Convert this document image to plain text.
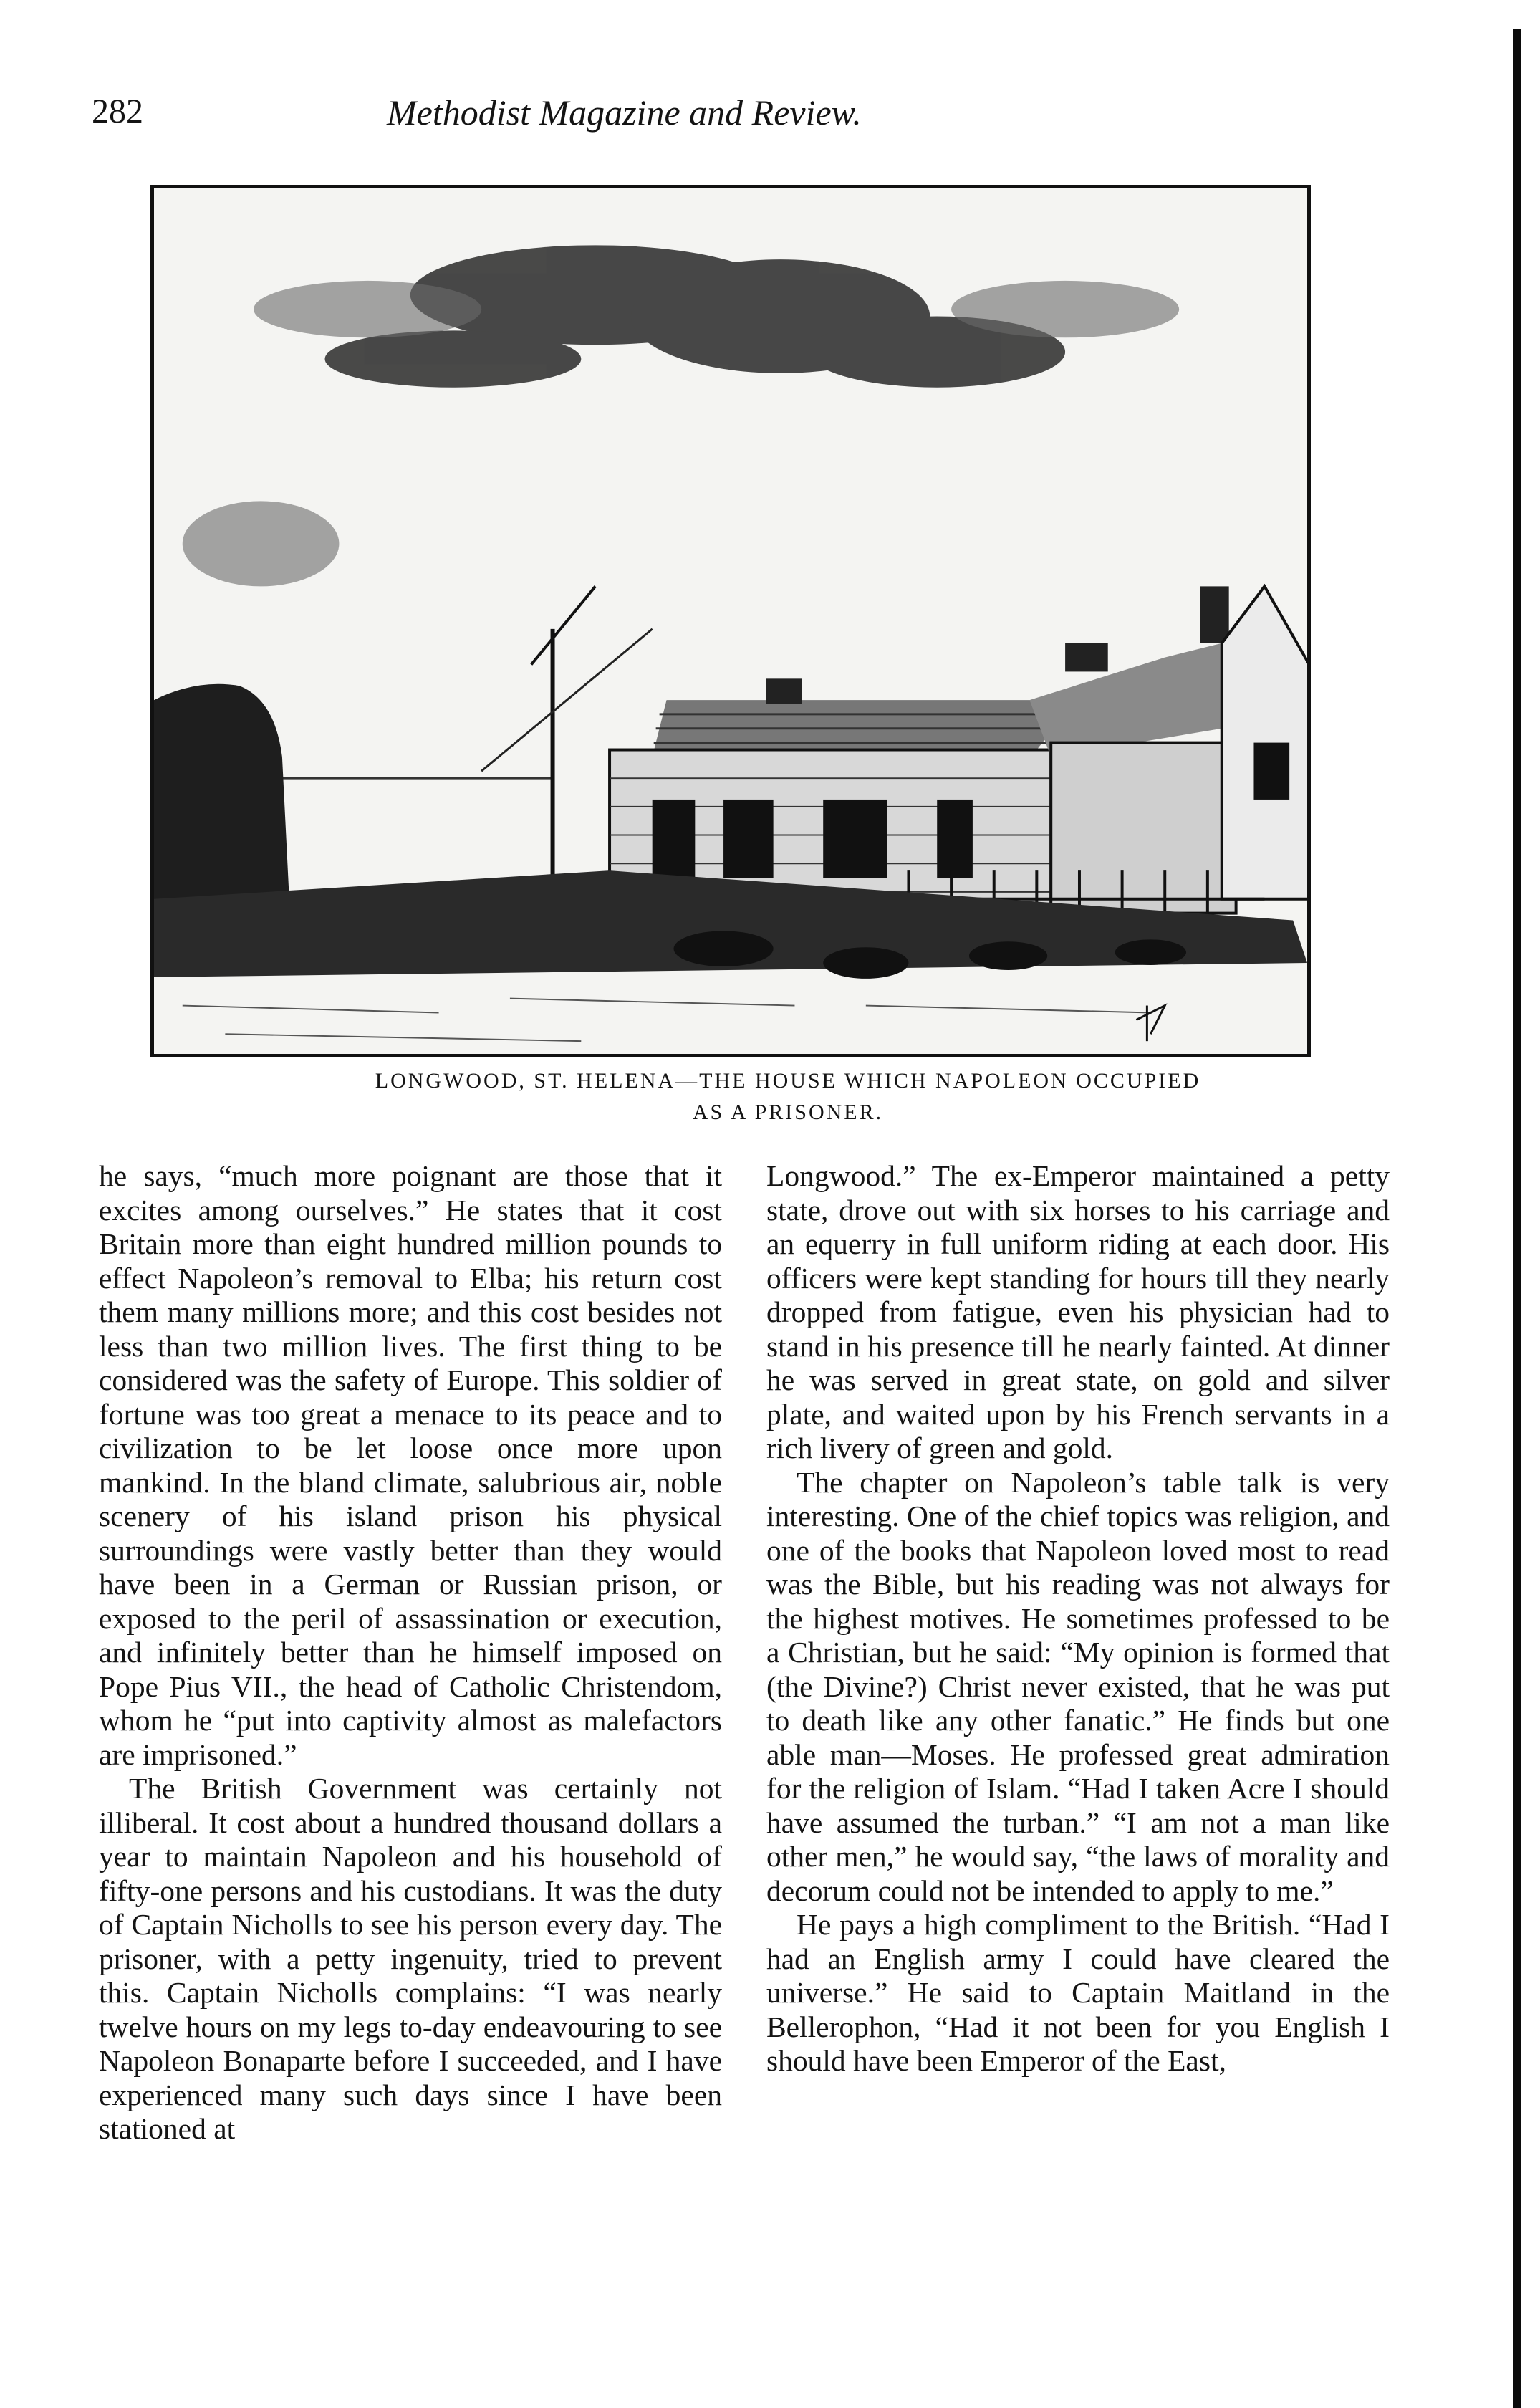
282	Methodist Magazine and Review.
LONGWOOD, ST. HELENA—THE HOUSE WHICH NAPOLEON OCCUPIED
AS A PRISONER.

he says, “much more poignant are those that it excites among ourselves.” He states that it cost Britain more than eight hundred million pounds to effect Napoleon’s removal to Elba; his return cost them many millions more; and this cost besides not less than two million lives. The first thing to be considered was the safety of Europe. This soldier of fortune was too great a menace to its peace and to civilization to be let loose once more upon mankind. In the bland climate, salubrious air, noble scenery of his island prison his physical surroundings were vastly better than they would have been in a German or Russian prison, or exposed to the peril of assassination or execution, and infinitely better than he himself imposed on Pope Pius VII., the head of Catholic Christendom, whom he “put into captivity almost as malefactors are imprisoned.”

The British Government was certainly not illiberal. It cost about a hundred thousand dollars a year to maintain Napoleon and his household of fifty-one persons and his custodians. It was the duty of Captain Nicholls to see his person every day. The prisoner, with a petty ingenuity, tried to prevent this. Captain Nicholls complains: “I was nearly twelve hours on my legs to-day endeavouring to see Napoleon Bonaparte before I succeeded, and I have experienced many such days since I have been stationed at

Longwood.” The ex-Emperor maintained a petty state, drove out with six horses to his carriage and an equerry in full uniform riding at each door. His officers were kept standing for hours till they nearly dropped from fatigue, even his physician had to stand in his presence till he nearly fainted. At dinner he was served in great state, on gold and silver plate, and waited upon by his French servants in a rich livery of green and gold.

The chapter on Napoleon’s table talk is very interesting. One of the chief topics was religion, and one of the books that Napoleon loved most to read was the Bible, but his reading was not always for the highest motives. He sometimes professed to be a Christian, but he said: “My opinion is formed that (the Divine?) Christ never existed, that he was put to death like any other fanatic.” He finds but one able man—Moses. He professed great admiration for the religion of Islam. “Had I taken Acre I should have assumed the turban.” “I am not a man like other men,” he would say, “the laws of morality and decorum could not be intended to apply to me.”

He pays a high compliment to the British. “Had I had an English army I could have cleared the universe.” He said to Captain Maitland in the Bellerophon, “Had it not been for you English I should have been Emperor of the East,
